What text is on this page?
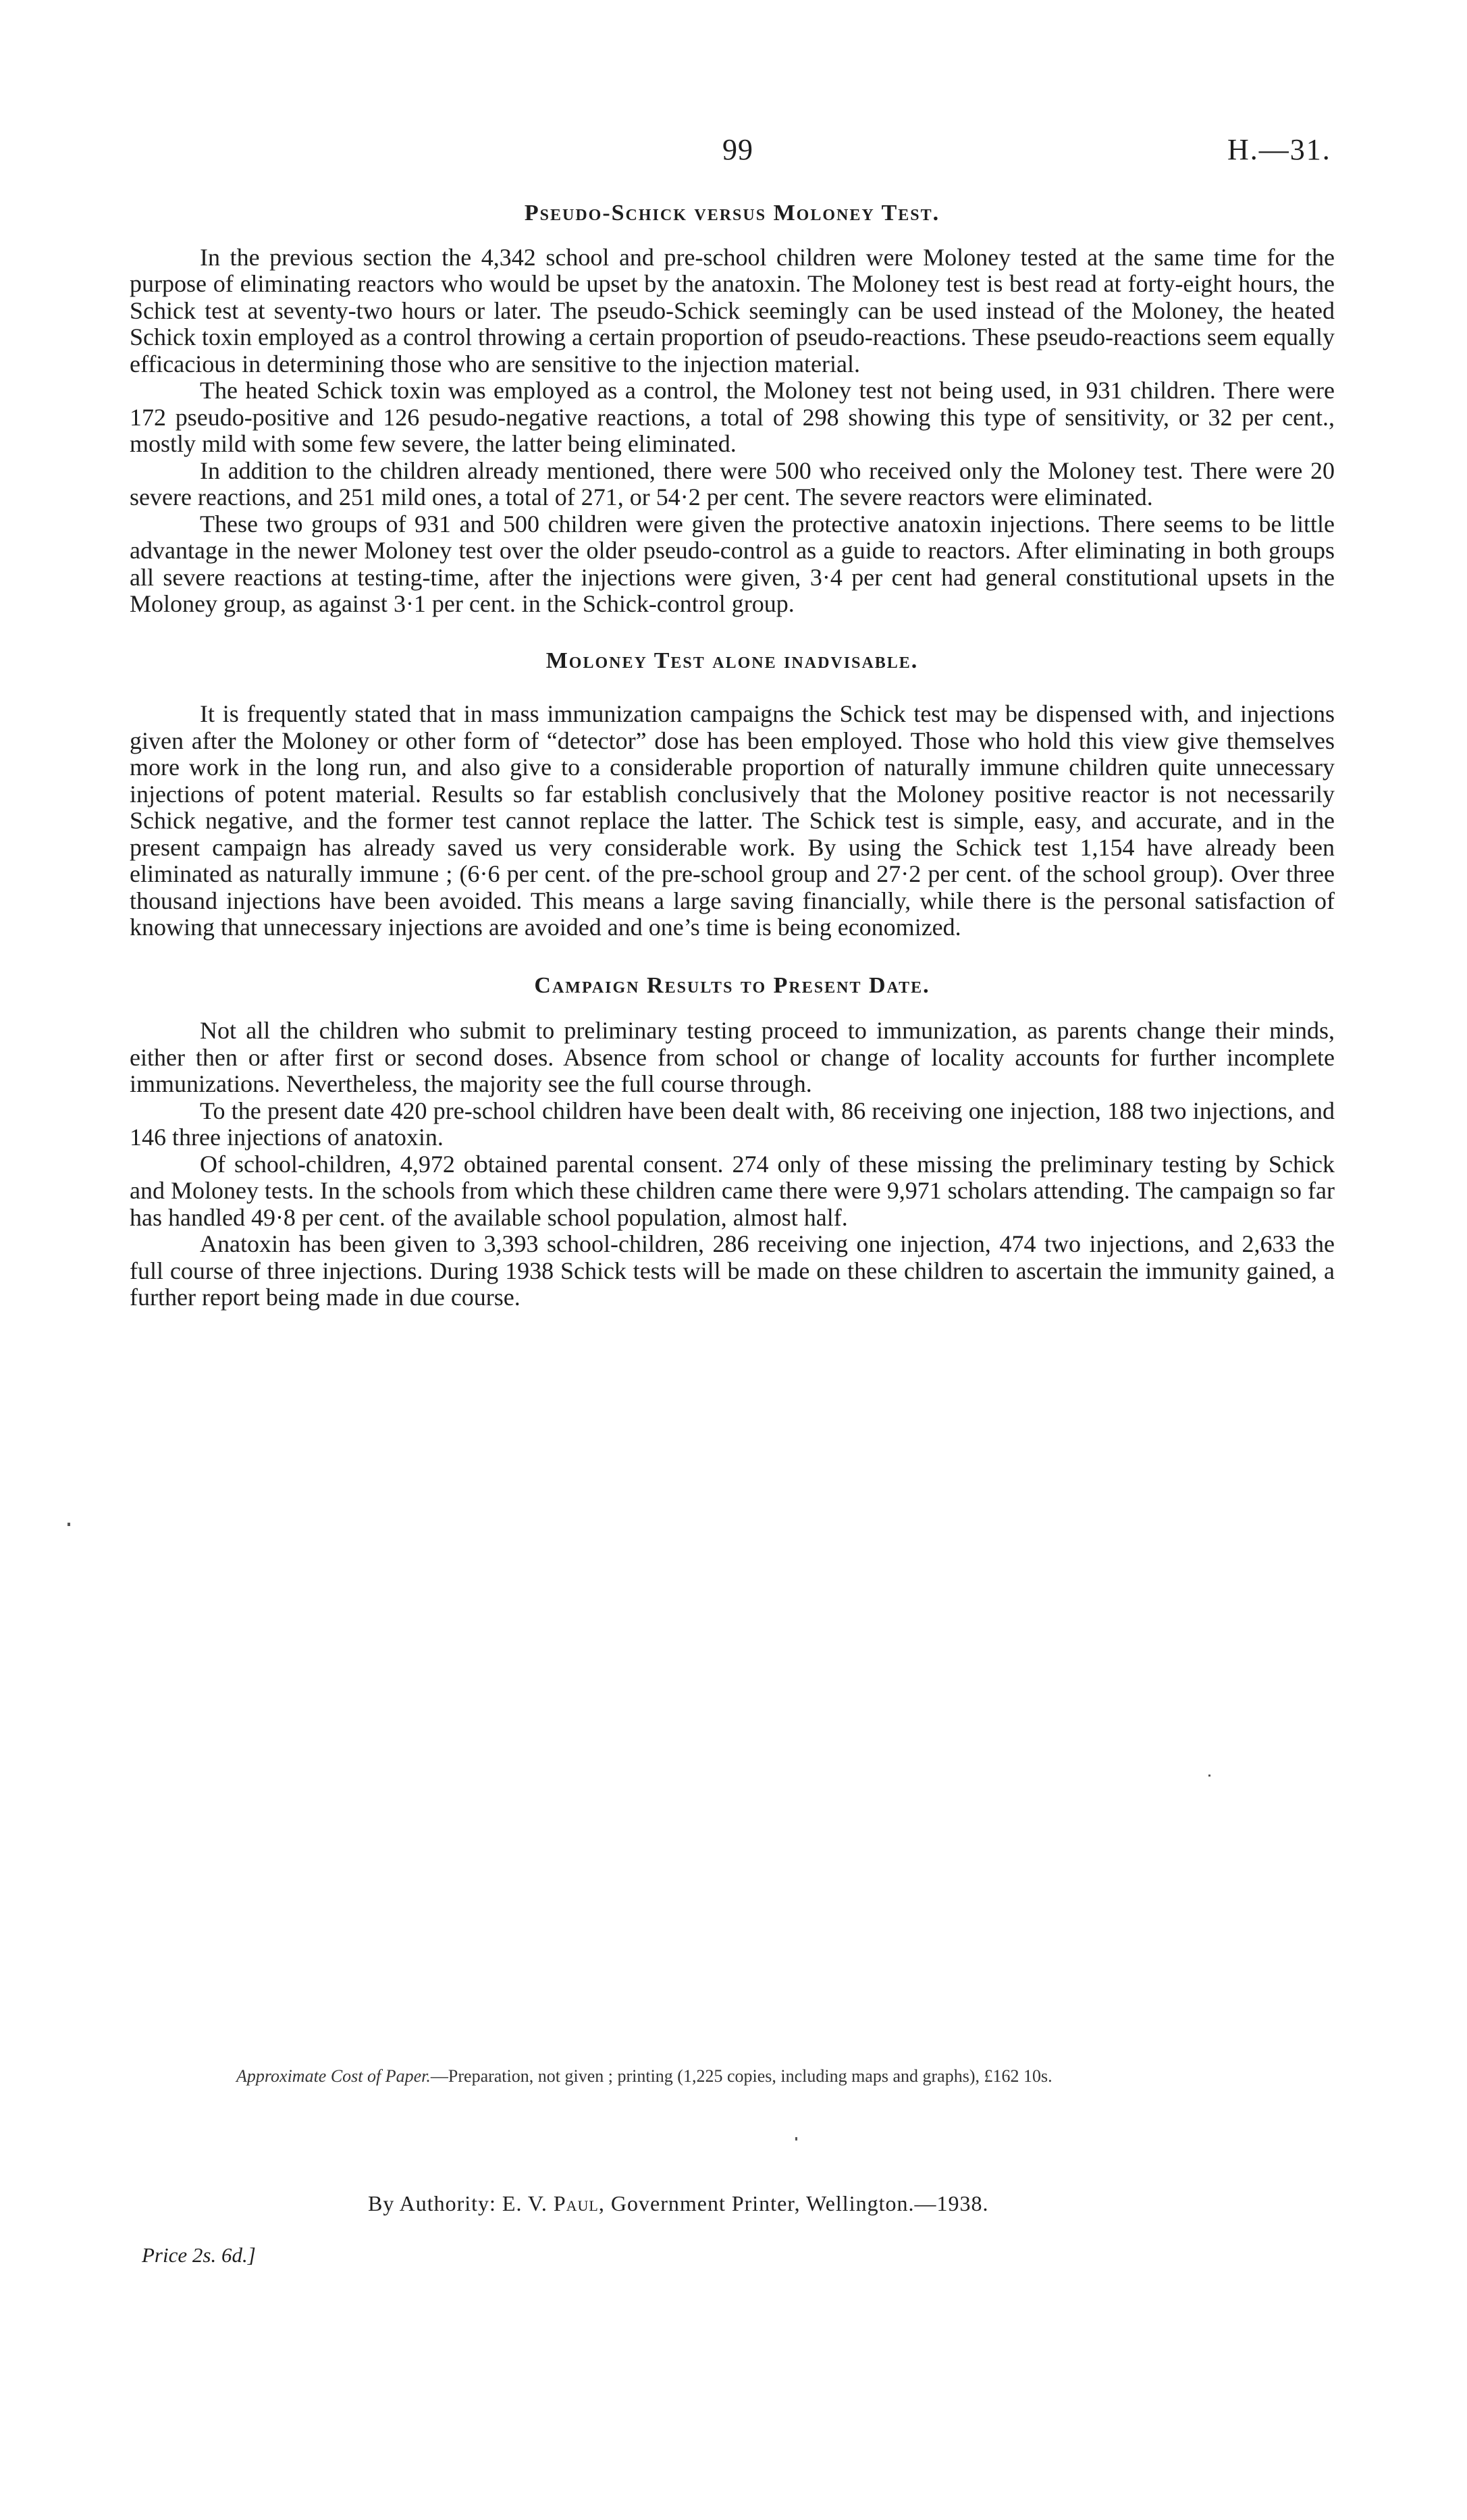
99	H.—31.
Pseudo-Schick versus Moloney Test.

In the previous section the 4,342 school and pre-school children were Moloney tested at the same time for the purpose of eliminating reactors who would be upset by the anatoxin. The Moloney test is best read at forty-eight hours, the Schick test at seventy-two hours or later. The pseudo-Schick seemingly can be used instead of the Moloney, the heated Schick toxin employed as a control throwing a certain proportion of pseudo-reactions. These pseudo-reactions seem equally efficacious in determining those who are sensitive to the injection material.

The heated Schick toxin was employed as a control, the Moloney test not being used, in 931 children. There were 172 pseudo-positive and 126 pesudo-negative reactions, a total of 298 showing this type of sensitivity, or 32 per cent., mostly mild with some few severe, the latter being eliminated.

In addition to the children already mentioned, there were 500 who received only the Moloney test. There were 20 severe reactions, and 251 mild ones, a total of 271, or 54·2 per cent. The severe reactors were eliminated.

These two groups of 931 and 500 children were given the protective anatoxin injections. There seems to be little advantage in the newer Moloney test over the older pseudo-control as a guide to reactors. After eliminating in both groups all severe reactions at testing-time, after the injections were given, 3·4 per cent had general constitutional upsets in the Moloney group, as against 3·1 per cent. in the Schick-control group.

Moloney Test alone inadvisable.

It is frequently stated that in mass immunization campaigns the Schick test may be dispensed with, and injections given after the Moloney or other form of “detector” dose has been employed. Those who hold this view give themselves more work in the long run, and also give to a considerable proportion of naturally immune children quite unnecessary injections of potent material. Results so far establish conclusively that the Moloney positive reactor is not necessarily Schick negative, and the former test cannot replace the latter. The Schick test is simple, easy, and accurate, and in the present campaign has already saved us very considerable work. By using the Schick test 1,154 have already been eliminated as naturally immune ; (6·6 per cent. of the pre-school group and 27·2 per cent. of the school group). Over three thousand injections have been avoided. This means a large saving financially, while there is the personal satisfaction of knowing that unnecessary injections are avoided and one’s time is being economized.

Campaign Results to Present Date.

Not all the children who submit to preliminary testing proceed to immunization, as parents change their minds, either then or after first or second doses. Absence from school or change of locality accounts for further incomplete immunizations. Nevertheless, the majority see the full course through.

To the present date 420 pre-school children have been dealt with, 86 receiving one injection, 188 two injections, and 146 three injections of anatoxin.

Of school-children, 4,972 obtained parental consent. 274 only of these missing the preliminary testing by Schick and Moloney tests. In the schools from which these children came there were 9,971 scholars attending. The campaign so far has handled 49·8 per cent. of the available school population, almost half.

Anatoxin has been given to 3,393 school-children, 286 receiving one injection, 474 two injections, and 2,633 the full course of three injections. During 1938 Schick tests will be made on these children to ascertain the immunity gained, a further report being made in due course.

Approximate Cost of Paper.—Preparation, not given ; printing (1,225 copies, including maps and graphs), £162 10s.
By Authority: E. V. Paul, Government Printer, Wellington.—1938.
Price 2s. 6d.]
